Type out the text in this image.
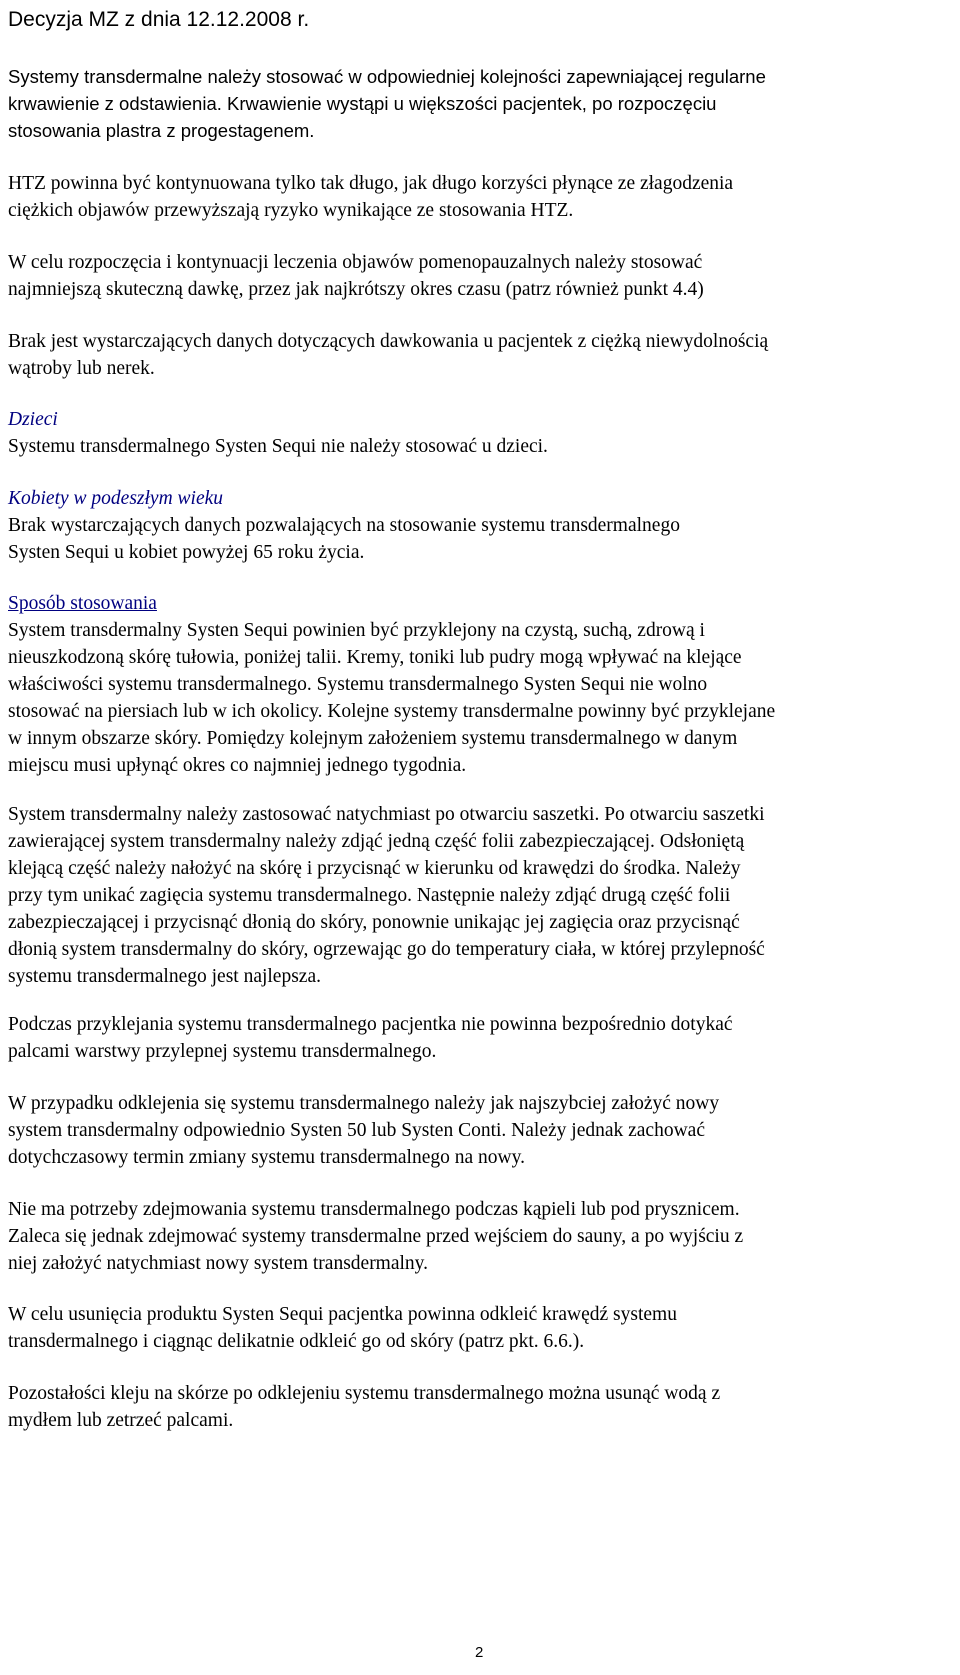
Decyzja MZ z dnia 12.12.2008 r.

Systemy transdermalne należy stosować w odpowiedniej kolejności zapewniającej regularne
krwawienie z odstawienia. Krwawienie wystąpi u większości pacjentek, po rozpoczęciu
stosowania plastra z progestagenem.

HTZ powinna być kontynuowana tylko tak długo, jak długo korzyści płynące ze złagodzenia
ciężkich objawów przewyższają ryzyko wynikające ze stosowania HTZ.

W celu rozpoczęcia i kontynuacji leczenia objawów pomenopauzalnych należy stosować
najmniejszą skuteczną dawkę, przez jak najkrótszy okres czasu (patrz również punkt 4.4)

Brak jest wystarczających danych dotyczących dawkowania u pacjentek z ciężką niewydolnością
wątroby lub nerek.

Dzieci
Systemu transdermalnego Systen Sequi nie należy stosować u dzieci.

Kobiety w podeszłym wieku
Brak wystarczających danych pozwalających na stosowanie systemu transdermalnego
Systen Sequi u kobiet powyżej 65 roku życia.

Sposób stosowania
System transdermalny Systen Sequi powinien być przyklejony na czystą, suchą, zdrową i
nieuszkodzoną skórę tułowia, poniżej talii. Kremy, toniki lub pudry mogą wpływać na klejące
właściwości systemu transdermalnego. Systemu transdermalnego Systen Sequi nie wolno
stosować na piersiach lub w ich okolicy. Kolejne systemy transdermalne powinny być przyklejane
w innym obszarze skóry. Pomiędzy kolejnym założeniem systemu transdermalnego w danym
miejscu musi upłynąć okres co najmniej jednego tygodnia.

System transdermalny należy zastosować natychmiast po otwarciu saszetki. Po otwarciu saszetki
zawierającej system transdermalny należy zdjąć jedną część folii zabezpieczającej. Odsłoniętą
klejącą część należy nałożyć na skórę i przycisnąć w kierunku od krawędzi do środka. Należy
przy tym unikać zagięcia systemu transdermalnego. Następnie należy zdjąć drugą część folii
zabezpieczającej i przycisnąć dłonią do skóry, ponownie unikając jej zagięcia oraz przycisnąć
dłonią system transdermalny do skóry, ogrzewając go do temperatury ciała, w której przylepność
systemu transdermalnego jest najlepsza.

Podczas przyklejania systemu transdermalnego pacjentka nie powinna bezpośrednio dotykać
palcami warstwy przylepnej systemu transdermalnego.

W przypadku odklejenia się systemu transdermalnego należy jak najszybciej założyć nowy
system transdermalny odpowiednio Systen 50 lub Systen Conti. Należy jednak zachować
dotychczasowy termin zmiany systemu transdermalnego na nowy.

Nie ma potrzeby zdejmowania systemu transdermalnego podczas kąpieli lub pod prysznicem.
Zaleca się jednak zdejmować systemy transdermalne przed wejściem do sauny, a po wyjściu z
niej założyć natychmiast nowy system transdermalny.

W celu usunięcia produktu Systen Sequi pacjentka powinna odkleić krawędź systemu
transdermalnego i ciągnąc delikatnie odkleić go od skóry (patrz pkt. 6.6.).

Pozostałości kleju na skórze po odklejeniu systemu transdermalnego można usunąć wodą z
mydłem lub zetrzeć palcami.

2
